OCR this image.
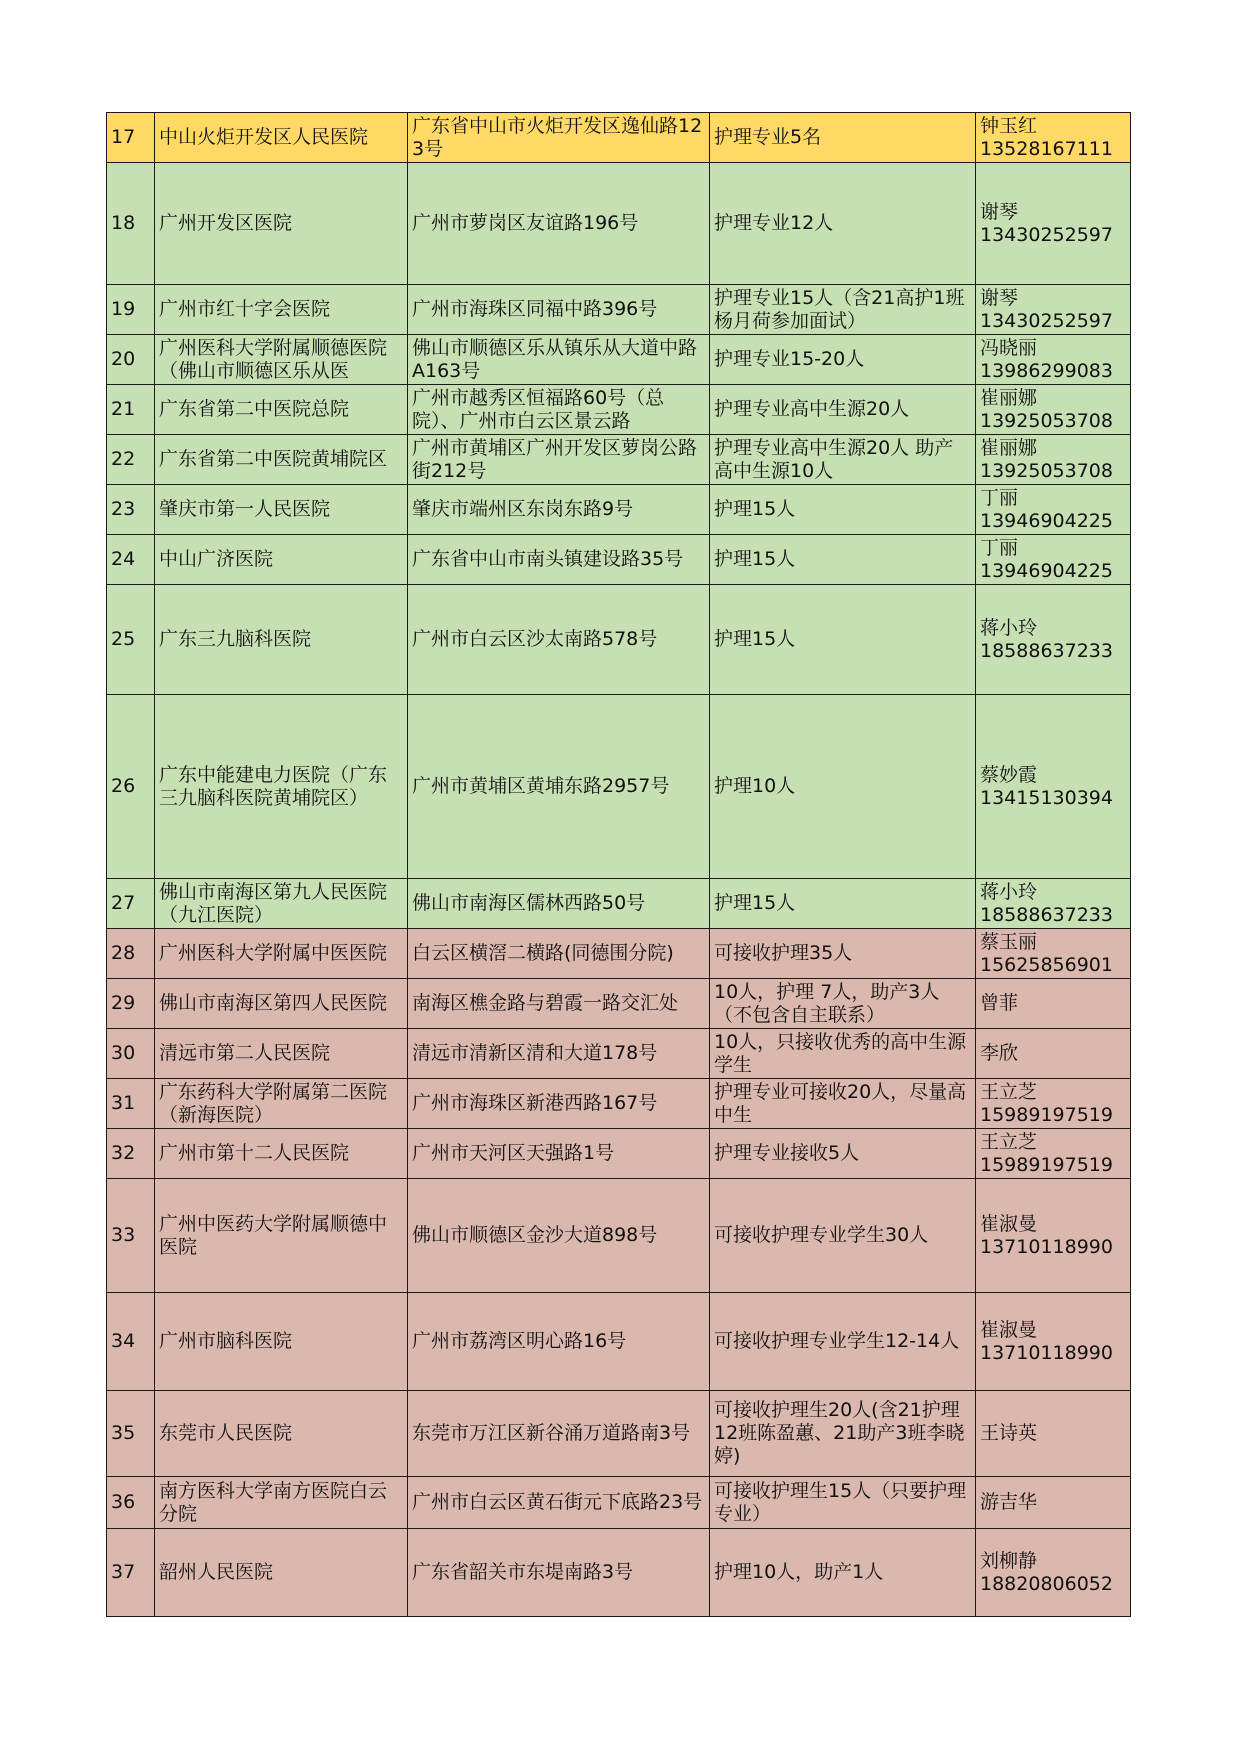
17	中山火炬开发区人民医院	广东省中山市火炬开发区逸仙路123号	护理专业5名	钟玉红
13528167111
18	广州开发区医院	广州市萝岗区友谊路196号	护理专业12人	谢琴
13430252597
19	广州市红十字会医院	广州市海珠区同福中路396号	护理专业15人（含21高护1班杨月荷参加面试）	谢琴
13430252597
20	广州医科大学附属顺德医院（佛山市顺德区乐从医	佛山市顺德区乐从镇乐从大道中路A163号	护理专业15-20人	冯晓丽
13986299083
21	广东省第二中医院总院	广州市越秀区恒福路60号（总院）、广州市白云区景云路	护理专业高中生源20人	崔丽娜
13925053708
22	广东省第二中医院黄埔院区	广州市黄埔区广州开发区萝岗公路街212号	护理专业高中生源20人 助产高中生源10人	崔丽娜
13925053708
23	肇庆市第一人民医院	肇庆市端州区东岗东路9号	护理15人	丁丽
13946904225
24	中山广济医院	广东省中山市南头镇建设路35号	护理15人	丁丽
13946904225
25	广东三九脑科医院	广州市白云区沙太南路578号	护理15人	蒋小玲
18588637233
26	广东中能建电力医院（广东三九脑科医院黄埔院区）	广州市黄埔区黄埔东路2957号	护理10人	蔡妙霞
13415130394
27	佛山市南海区第九人民医院（九江医院）	佛山市南海区儒林西路50号	护理15人	蒋小玲
18588637233
28	广州医科大学附属中医医院	白云区横滘二横路(同德围分院)	可接收护理35人	蔡玉丽
15625856901
29	佛山市南海区第四人民医院	南海区樵金路与碧霞一路交汇处	10人，护理 7人，助产3人（不包含自主联系）	曾菲
30	清远市第二人民医院	清远市清新区清和大道178号	10人，只接收优秀的高中生源学生	李欣
31	广东药科大学附属第二医院（新海医院）	广州市海珠区新港西路167号	护理专业可接收20人，尽量高中生	王立芝
15989197519
32	广州市第十二人民医院	广州市天河区天强路1号	护理专业接收5人	王立芝
15989197519
33	广州中医药大学附属顺德中医院	佛山市顺德区金沙大道898号	可接收护理专业学生30人	崔淑曼
13710118990
34	广州市脑科医院	广州市荔湾区明心路16号	可接收护理专业学生12-14人	崔淑曼
13710118990
35	东莞市人民医院	东莞市万江区新谷涌万道路南3号	可接收护理生20人(含21护理12班陈盈蕙、21助产3班李晓婷)	王诗英
36	南方医科大学南方医院白云分院	广州市白云区黄石街元下底路23号	可接收护理生15人（只要护理专业）	游吉华
37	韶州人民医院	广东省韶关市东堤南路3号	护理10人，助产1人	刘柳静
18820806052
